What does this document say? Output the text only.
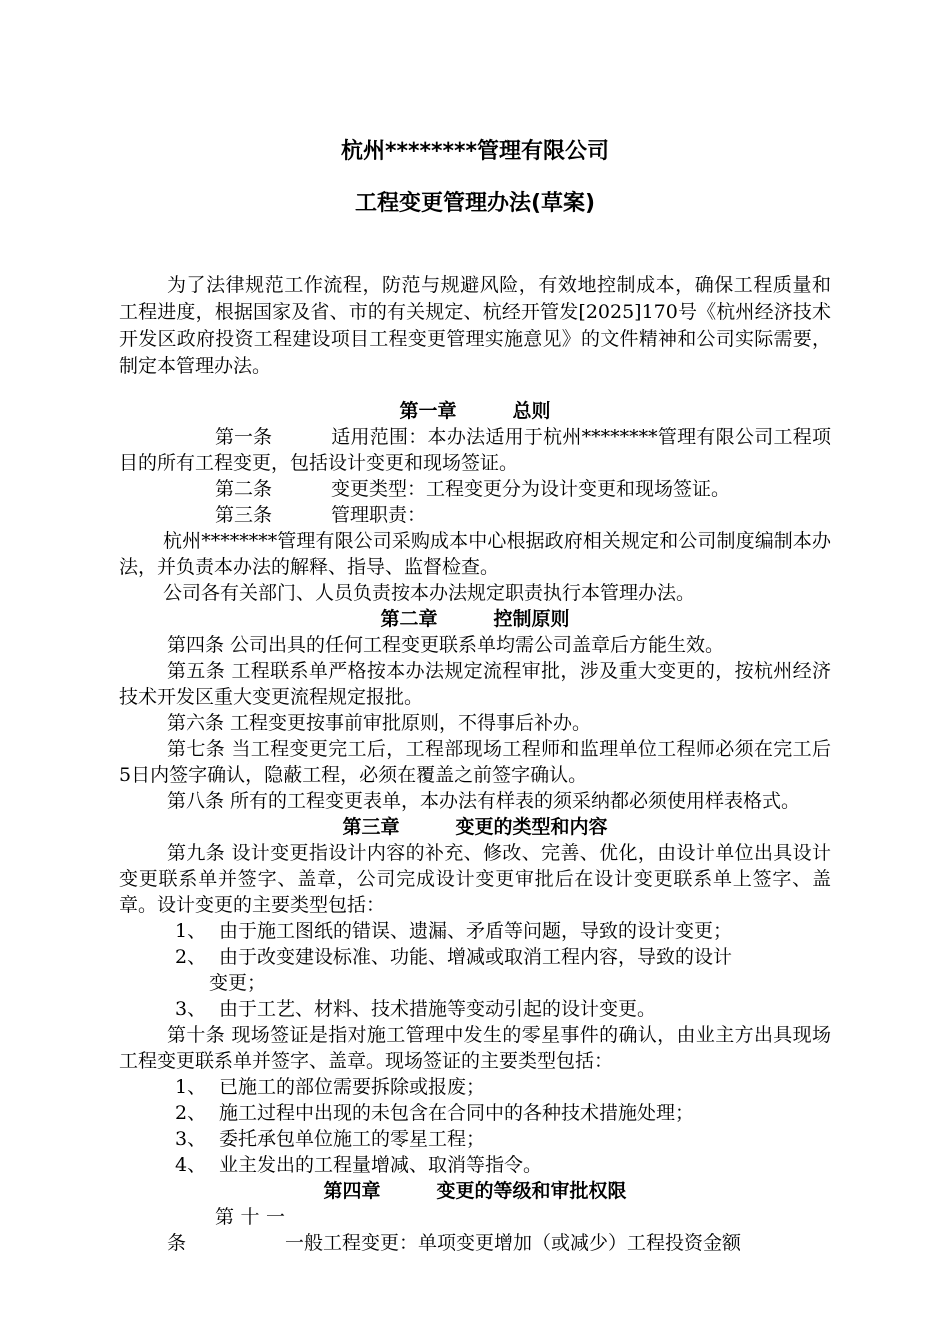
杭州********管理有限公司
工程变更管理办法(草案)

为了法律规范工作流程，防范与规避风险，有效地控制成本，确保工程质量和工程进度，根据国家及省、市的有关规定、杭经开管发[2025]170号《杭州经济技术开发区政府投资工程建设项目工程变更管理实施意见》的文件精神和公司实际需要，制定本管理办法。

第一章	总则

第一条	适用范围：本办法适用于杭州********管理有限公司工程项目的所有工程变更，包括设计变更和现场签证。

第二条	变更类型：工程变更分为设计变更和现场签证。

第三条	管理职责：

杭州********管理有限公司采购成本中心根据政府相关规定和公司制度编制本办法，并负责本办法的解释、指导、监督检查。

公司各有关部门、人员负责按本办法规定职责执行本管理办法。

第二章	控制原则

第四条 公司出具的任何工程变更联系单均需公司盖章后方能生效。

第五条 工程联系单严格按本办法规定流程审批，涉及重大变更的，按杭州经济技术开发区重大变更流程规定报批。

第六条 工程变更按事前审批原则，不得事后补办。

第七条 当工程变更完工后，工程部现场工程师和监理单位工程师必须在完工后5日内签字确认，隐蔽工程，必须在覆盖之前签字确认。

第八条 所有的工程变更表单，本办法有样表的须采纳都必须使用样表格式。

第三章	变更的类型和内容

第九条 设计变更指设计内容的补充、修改、完善、优化，由设计单位出具设计变更联系单并签字、盖章，公司完成设计变更审批后在设计变更联系单上签字、盖章。设计变更的主要类型包括：

1、 由于施工图纸的错误、遗漏、矛盾等问题，导致的设计变更；

2、 由于改变建设标准、功能、增减或取消工程内容，导致的设计

变更；

3、 由于工艺、材料、技术措施等变动引起的设计变更。

第十条 现场签证是指对施工管理中发生的零星事件的确认，由业主方出具现场工程变更联系单并签字、盖章。现场签证的主要类型包括：

1、 已施工的部位需要拆除或报废；

2、 施工过程中出现的未包含在合同中的各种技术措施处理；

3、 委托承包单位施工的零星工程；

4、 业主发出的工程量增减、取消等指令。

第四章	变更的等级和审批权限

第十一条	一般工程变更：单项变更增加（或减少）工程投资金额
